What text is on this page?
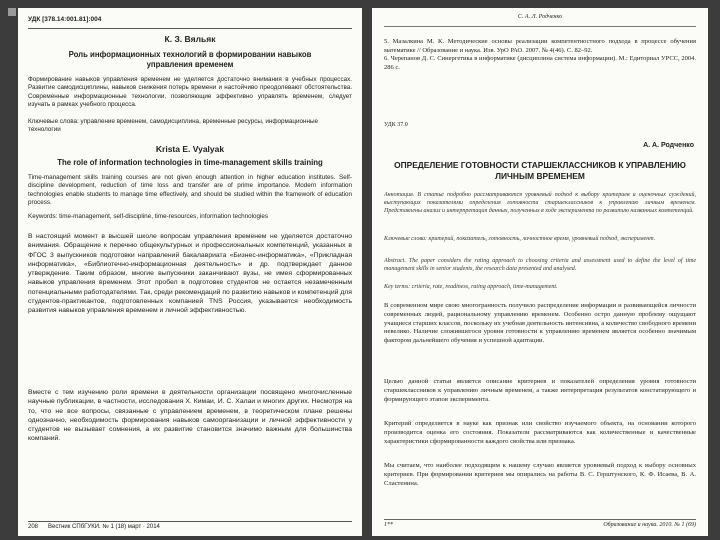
УДК [378.14:001.81]:004
К. З. Вяльяк
Роль информационных технологий в формировании навыков управления временем
Формирование навыков управления временем не уделяется достаточно внимания в учебных процессах. Развитие самодисциплины, навыков снижения потерь времени и настойчиво преодолевают обстоятельства. Современные информационные технологии, позволяющие эффективно управлять временем, следует изучать в рамках учебного процесса.
Ключевые слова: управление временем, самодисциплина, временные ресурсы, информационные технологии
Krista E. Vyalyak
The role of information technologies in time-management skills training
Time-management skills training courses are not given enough attention in higher education institutes. Self-discipline development, reduction of time loss and transfer are of prime importance. Modern information technologies enable students to manage time effectively, and should be studied within the framework of education process.
Keywords: time-management, self-discipline, time-resources, information technologies
В настоящий момент в высшей школе вопросам управления временем не уделяется достаточно внимания. Обращение к перечню общекультурных и профессиональных компетенций, указанных в ФГОС 3 выпускников подготовки направлений бакалавриата «Бизнес-информатика», «Прикладная информатика», «Библиотечно-информационная деятельность» и др. подтверждает данное утверждение. Таким образом, многие выпускники заканчивают вузы, не имея сформированных навыков управления временем. Этот пробел в подготовке студентов не остается незамеченным потенциальными работодателями. Так, среди рекомендаций по развитию навыков и компетенций для студентов-практикантов, подготовленных компанией TNS Россия, указывается необходимость развития навыков управления временем и личной эффективностью.
Вместе с тем изучению роли времени в деятельности организации посвящено многочисленные научные публикации, в частности, исследования Х. Кимаи, И. С. Халаи и многих других. Несмотря на то, что не все вопросы, связанные с управлением временем, в теоретическом плане решены однозначно, необходимость формирования навыков самоорганизации и личной эффективности у студентов не вызывает сомнения, а их развитие становится значимо важным для большинства компаний.
208 Вестник СПбГУКИ. № 1 (18) март · 2014
С. А. Л. Родченко
5. Мазалкина М. К. Методические основы реализации компетентностного подхода в процессе обучения математике // Образование и наука. Изв. УрО РАО. 2007. № 4(46). С. 82–92.
6. Черепанов Д. С. Синергетика в информатике (дисциплина система информации). М.: Едиториал УРСС, 2004. 286 с.
УДК 37.0
А. А. Родченко
ОПРЕДЕЛЕНИЕ ГОТОВНОСТИ СТАРШЕКЛАССНИКОВ К УПРАВЛЕНИЮ ЛИЧНЫМ ВРЕМЕНЕМ
Аннотация. В статье подробно рассматриваются уровневый подход к выбору критериев и оценочных суждений, выступающих показателями определения готовности старшеклассников к управлению личным временем. Представлены анализ и интерпретация данных, полученных в ходе эксперимента по развитию названных компетенций.
Ключевые слова: критерий, показатель, готовность, личностное время, уровневый подход, эксперимент.
Abstract. The paper considers the rating approach to choosing criteria and assessment used to define the level of time management skills in senior students, the research data presented and analysed.
Key terms: criteria, rate, readiness, rating approach, time-management.
В современном мире свою многогранность получило распределение информации и развивающейся личности современных людей, рациональному управлению временем. Особенно остро данную проблему ощущают учащиеся старших классов, поскольку их учебная деятельность интенсивна, а количество свободного времени невелико. Наличие сложившегося уровня готовности к управлению временем является особенно значимым фактором дальнейшего обучения и успешной адаптации.
Целью данной статьи является описание критериев и показателей определения уровня готовности старшеклассников к управлению личным временем, а также интерпретация результатов констатирующего и формирующего этапов эксперимента.
Критерий определяется в науке как признак или свойство изучаемого объекта, на основании которого производится оценка его состояния. Показатели рассматриваются как количественные и качественные характеристики сформированности каждого свойства или признака.
Мы считаем, что наиболее подходящим к нашему случаю является уровневый подход к выбору основных критериев. При формировании критериев мы опирались на работы В. С. Герштунского, К. Ф. Исаева, В. А. Сластенина.
1**	Образование и наука. 2010. № 1 (69)
